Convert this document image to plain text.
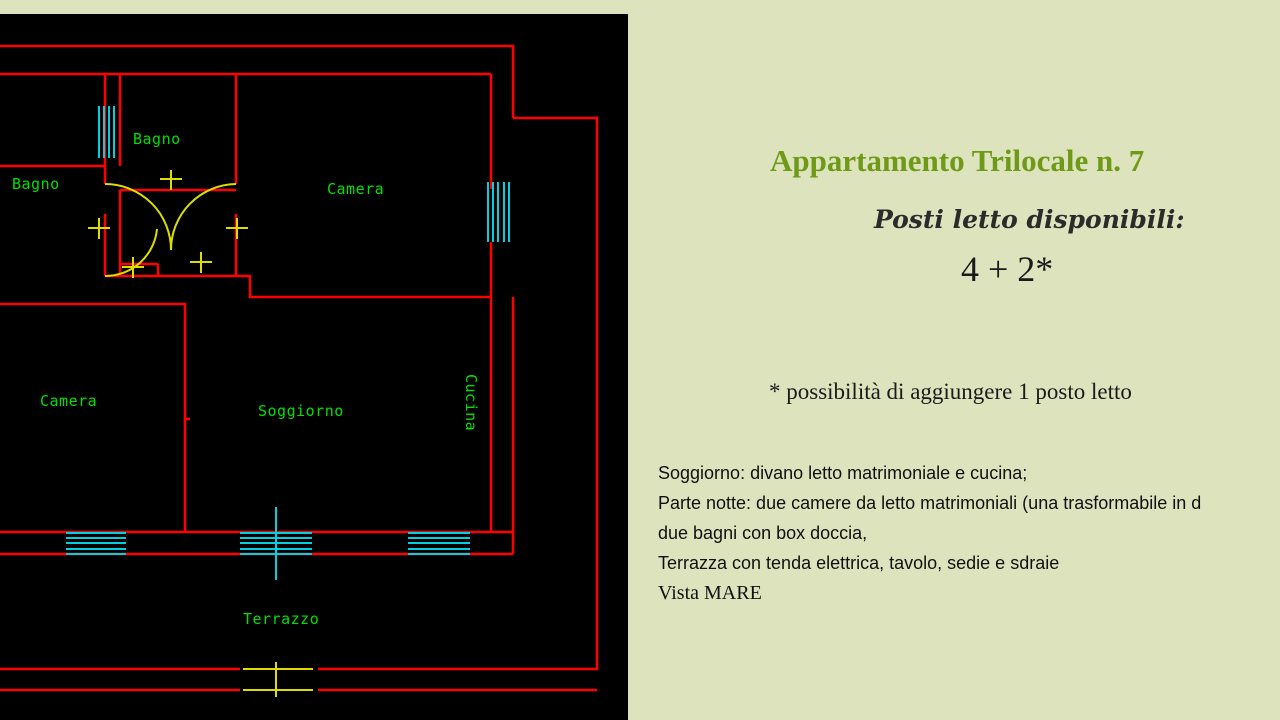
Bagno
Bagno
Camera
Camera
Soggiorno	Cucina
Terrazzo
Appartamento Trilocale n. 7
Posti letto disponibili:
4 + 2*
* possibilità di aggiungere 1 posto letto
Soggiorno: divano letto matrimoniale e cucina;
Parte notte: due camere da letto matrimoniali (una trasformabile in d
due bagni con box doccia,
Terrazza con tenda elettrica, tavolo, sedie e sdraie
Vista MARE
